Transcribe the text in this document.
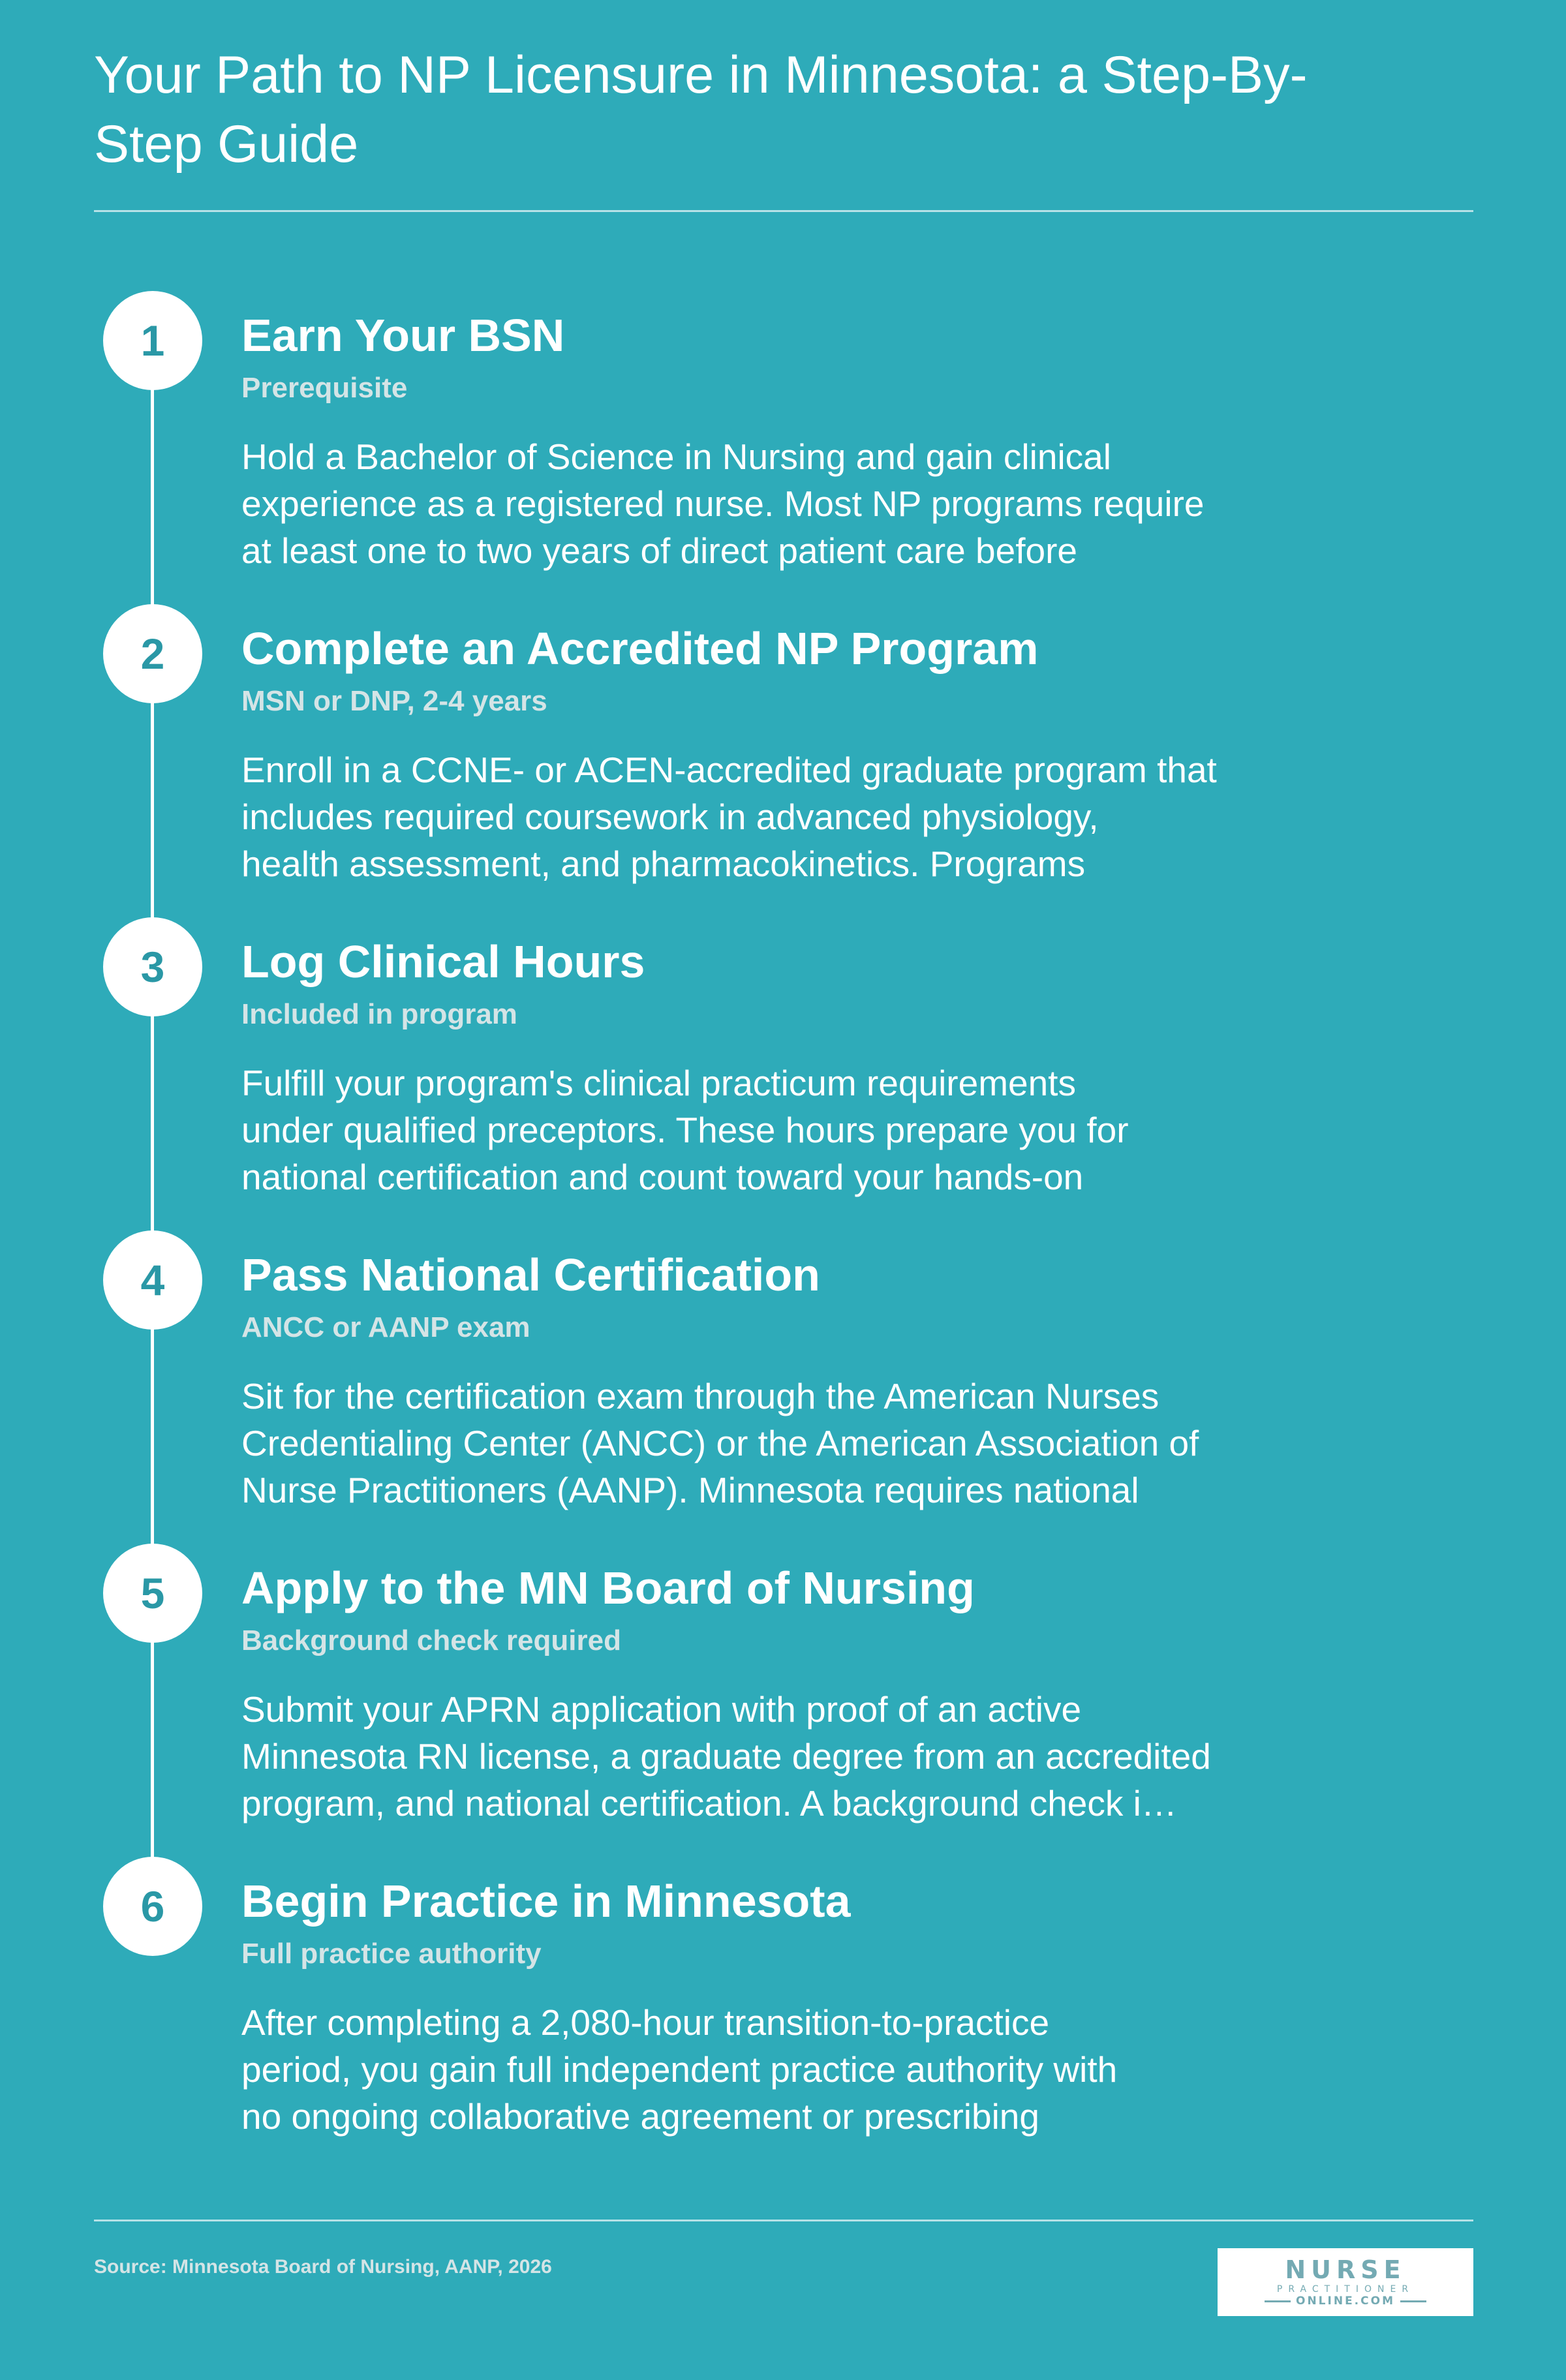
Your Path to NP Licensure in Minnesota: a Step-By-Step Guide
1	Earn Your BSN
Prerequisite
Hold a Bachelor of Science in Nursing and gain clinical
experience as a registered nurse. Most NP programs require
at least one to two years of direct patient care before
2	Complete an Accredited NP Program
MSN or DNP, 2-4 years
Enroll in a CCNE- or ACEN-accredited graduate program that
includes required coursework in advanced physiology,
health assessment, and pharmacokinetics. Programs
3	Log Clinical Hours
Included in program
Fulfill your program's clinical practicum requirements
under qualified preceptors. These hours prepare you for
national certification and count toward your hands-on
4	Pass National Certification
ANCC or AANP exam
Sit for the certification exam through the American Nurses
Credentialing Center (ANCC) or the American Association of
Nurse Practitioners (AANP). Minnesota requires national
5	Apply to the MN Board of Nursing
Background check required
Submit your APRN application with proof of an active
Minnesota RN license, a graduate degree from an accredited
program, and national certification. A background check i…
6	Begin Practice in Minnesota
Full practice authority
After completing a 2,080-hour transition-to-practice
period, you gain full independent practice authority with
no ongoing collaborative agreement or prescribing
Source: Minnesota Board of Nursing, AANP, 2026	NURSE
PRACTITIONER
ONLINE.COM
